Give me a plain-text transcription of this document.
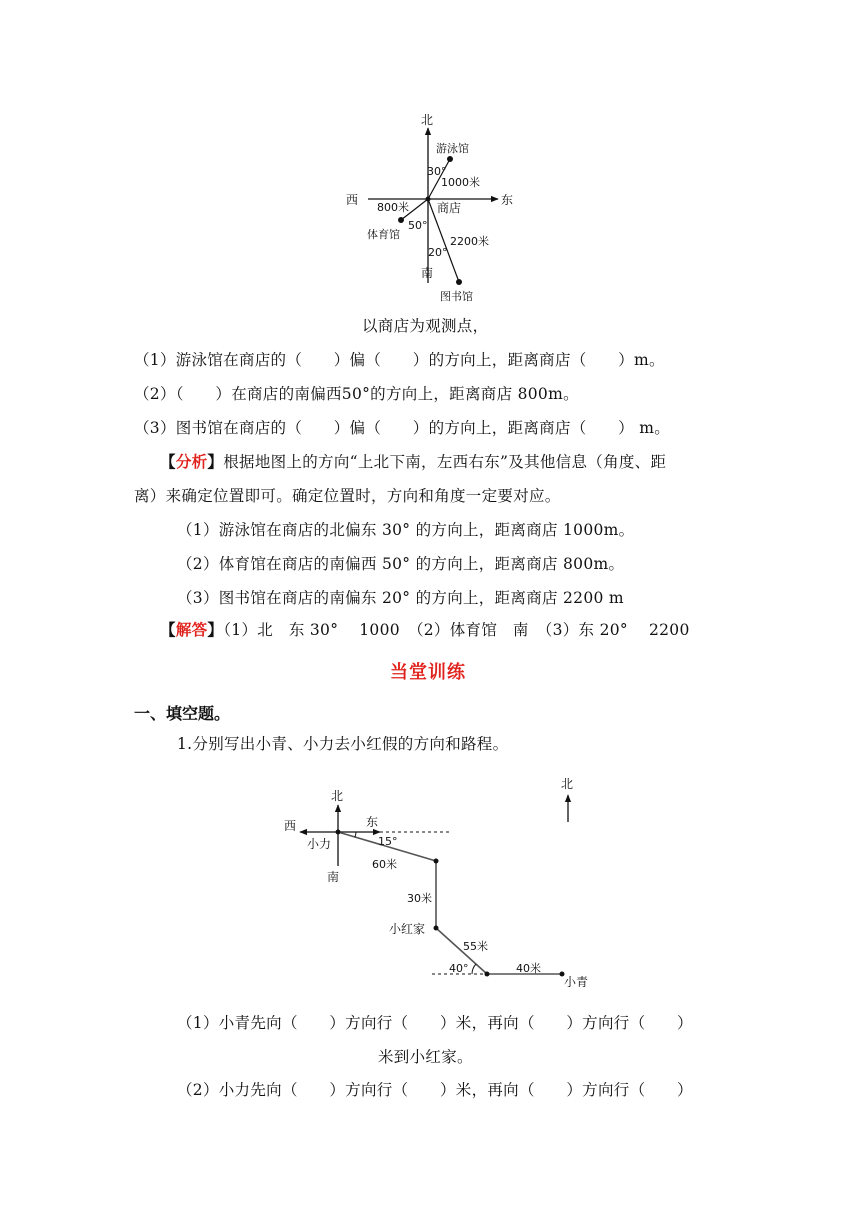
北
南
西	东
商店
游泳馆
30°
1000米
800米
50°
体育馆
20°
2200米
图书馆
以商店为观测点，
（1）游泳馆在商店的（　　）偏（　　）的方向上，距离商店（　　）m。
（2）（　　）在商店的南偏西50°的方向上，距离商店 800m。
（3）图书馆在商店的（　　）偏（　　）的方向上，距离商店（　　） m。
【分析】根据地图上的方向“上北下南，左西右东”及其他信息（角度、距
离）来确定位置即可。确定位置时，方向和角度一定要对应。
（1）游泳馆在商店的北偏东 30° 的方向上，距离商店 1000m。
（2）体育馆在商店的南偏西 50° 的方向上，距离商店 800m。
（3）图书馆在商店的南偏东 20° 的方向上，距离商店 2200 m
【解答】（1）北　东 30°　 1000　（2）体育馆　南　（3）东 20°　 2200
当堂训练
一、填空题。
1.分别写出小青、小力去小红假的方向和路程。
北
西	东
南
小力	15°
60米
30米
小红家
55米
40°	40米
小青
北
（1）小青先向（　　）方向行（　　）米，再向（　　）方向行（　　）
米到小红家。
（2）小力先向（　　）方向行（　　）米，再向（　　）方向行（　　）
